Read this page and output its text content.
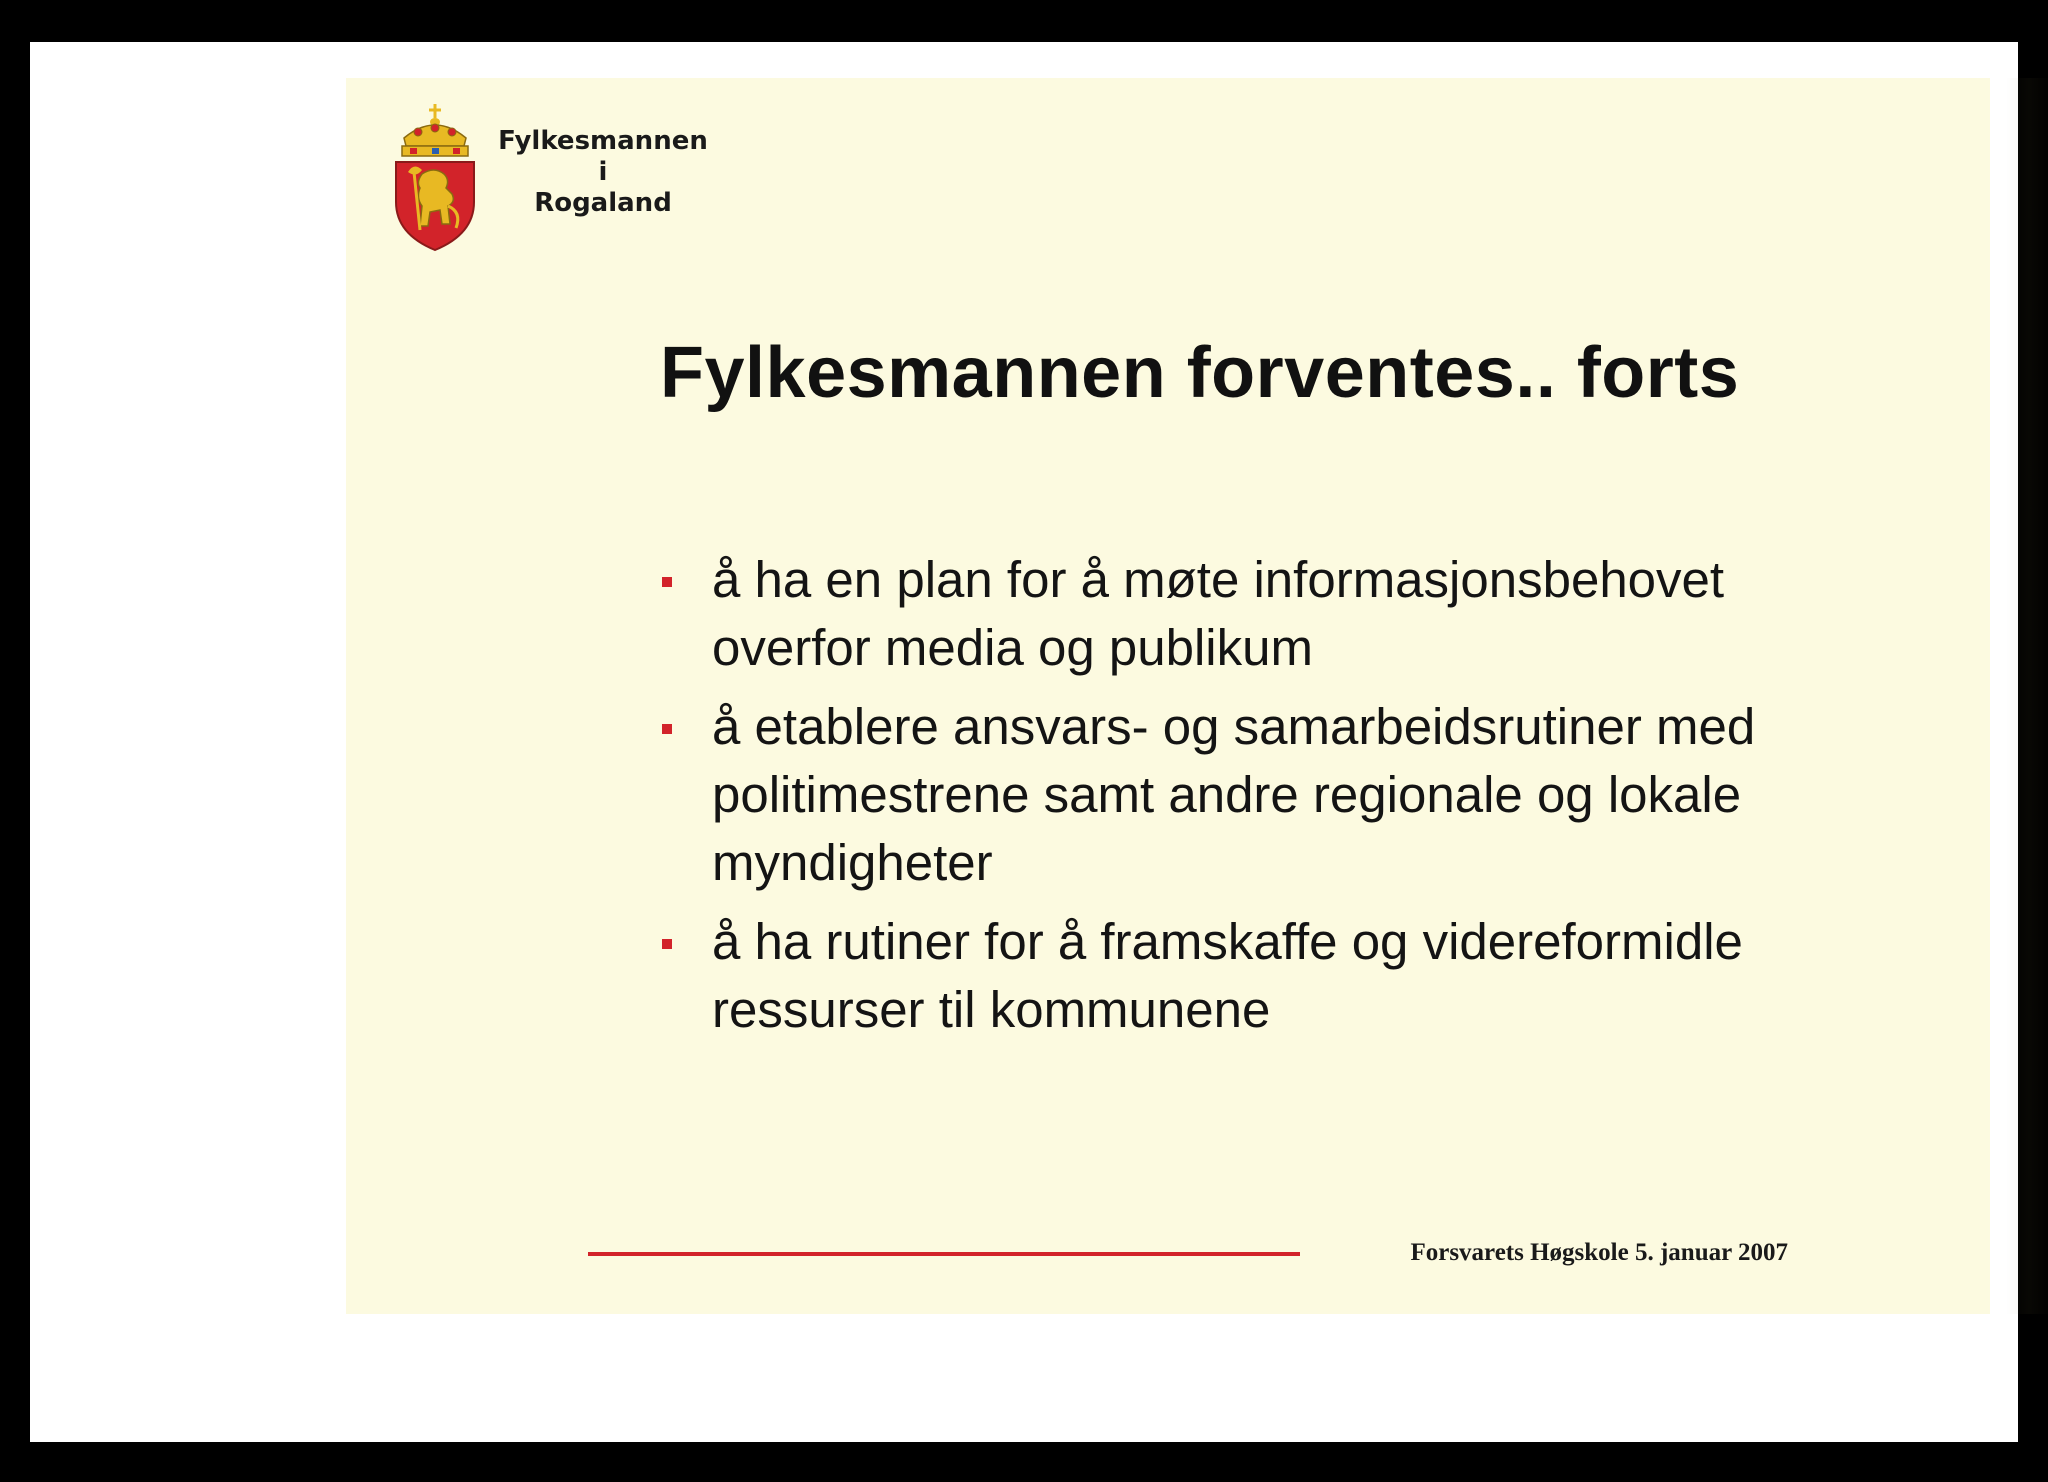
Fylkesmannen
i
Rogaland
Fylkesmannen forventes.. forts
å ha en plan for å møte informasjonsbehovet
overfor media og publikum
å etablere ansvars- og samarbeidsrutiner med
politimestrene samt andre regionale og lokale
myndigheter
å ha rutiner for å framskaffe og videreformidle
ressurser til kommunene
Forsvarets Høgskole 5. januar 2007
